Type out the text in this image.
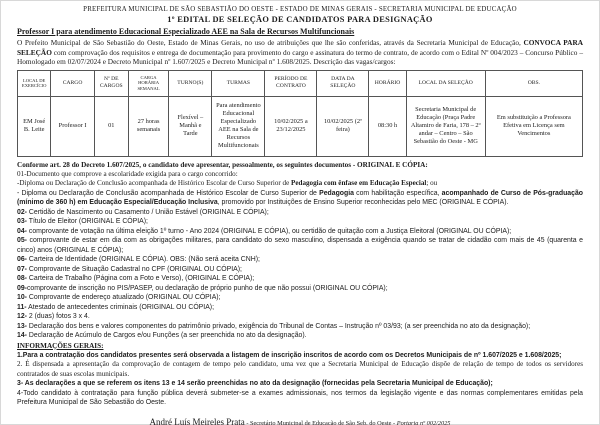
PREFEITURA MUNICIPAL DE SÃO SEBASTIÃO DO OESTE - ESTADO DE MINAS GERAIS - SECRETARIA MUNICIPAL DE EDUCAÇÃO
1º EDITAL DE SELEÇÃO DE CANDIDATOS PARA DESIGNAÇÃO
Professor I para atendimento Educacional Especializado AEE na Sala de Recursos Multifuncionais

O Prefeito Municipal de São Sebastião do Oeste, Estado de Minas Gerais, no uso de atribuições que lhe são conferidas, através da Secretaria Municipal de Educação, CONVOCA PARA SELEÇÃO com comprovação dos requisitos e entrega de documentação para provimento do cargo e assinatura do termo de contrato, de acordo com o Edital Nº 004/2023 – Concurso Público – Homologado em 02/07/2024 e Decreto Municipal nº 1.607/2025 e Decreto Municipal nº 1.608/2025. Descrição das vagas/cargos:

LOCAL DE EXERCÍCIO	CARGO	Nº DE CARGOS	CARGA HORÁRIA SEMANAL	TURNO(S)	TURMAS	PERÍODO DE CONTRATO	DATA DA SELEÇÃO	HORÁRIO	LOCAL DA SELEÇÃO	OBS.
EM José B. Leite	Professor I	01	27 horas semanais	Flexível – Manhã e Tarde	Para atendimento Educacional Especializado AEE na Sala de Recursos Multifuncionais	10/02/2025 a 23/12/2025	10/02/2025 (2ª feira)	08:30 h	Secretaria Municipal de Educação (Praça Padre Altamiro de Faria, 178 – 2º andar – Centro – São Sebastião do Oeste - MG	Em substituição a Professora Efetiva em Licença sem Vencimentos
Conforme art. 28 do Decreto 1.607/2025, o candidato deve apresentar, pessoalmente, os seguintes documentos - ORIGINAL E CÓPIA:
01-Documento que comprove a escolaridade exigida para o cargo concorrido:
-Diploma ou Declaração de Conclusão acompanhada de Histórico Escolar de Curso Superior de Pedagogia com ênfase em Educação Especial; ou
- Diploma ou Declaração de Conclusão acompanhada de Histórico Escolar de Curso Superior de Pedagogia com habilitação específica, acompanhado de Curso de Pós-graduação (mínimo de 360 h) em Educação Especial/Educação Inclusiva, promovido por Instituições de Ensino Superior reconhecidas pelo MEC (ORIGINAL E CÓPIA).
02- Certidão de Nascimento ou Casamento / União Estável (ORIGINAL E CÓPIA);
03- Título de Eleitor (ORIGINAL E CÓPIA);
04- comprovante de votação na última eleição 1º turno - Ano 2024 (ORIGINAL E CÓPIA), ou certidão de quitação com a Justiça Eleitoral (ORIGINAL OU CÓPIA);
05- comprovante de estar em dia com as obrigações militares, para candidato do sexo masculino, dispensada a exigência quando se tratar de cidadão com mais de 45 (quarenta e cinco) anos (ORIGINAL E CÓPIA);
06- Carteira de Identidade (ORIGINAL E CÓPIA). OBS: (Não será aceita CNH);
07- Comprovante de Situação Cadastral no CPF (ORIGINAL OU CÓPIA);
08- Carteira de Trabalho (Página com a Foto e Verso), (ORIGINAL E CÓPIA);
09-comprovante de inscrição no PIS/PASEP, ou declaração de próprio punho de que não possui (ORIGINAL OU CÓPIA);
10- Comprovante de endereço atualizado (ORIGINAL OU CÓPIA);
11- Atestado de antecedentes criminais (ORIGINAL OU CÓPIA);
12- 2 (duas) fotos 3 x 4.
13- Declaração dos bens e valores componentes do patrimônio privado, exigência do Tribunal de Contas – Instrução nº 03/93; (a ser preenchida no ato da designação);
14- Declaração de Acúmulo de Cargos e/ou Funções (a ser preenchida no ato da designação).
INFORMAÇÕES GERAIS:
1.Para a contratação dos candidatos presentes será observada a listagem de inscrição inscritos de acordo com os Decretos Municipais de nº 1.607/2025 e 1.608/2025;
2. É dispensada a apresentação da comprovação de contagem de tempo pelo candidato, uma vez que a Secretaria Municipal de Educação dispõe de relação de tempo de todos os servidores contratados de suas escolas municipais.
3- As declarações a que se referem os itens 13 e 14 serão preenchidas no ato da designação (fornecidas pela Secretaria Municipal de Educação);
4-Todo candidato à contratação para função pública deverá submeter-se a exames admissionais, nos termos da legislação vigente e das normas complementares emitidas pela Prefeitura Municipal de São Sebastião do Oeste.
André Luís Meireles Prata - Secretário Municipal de Educação de São Seb. do Oeste - Portaria nº 002/2025
